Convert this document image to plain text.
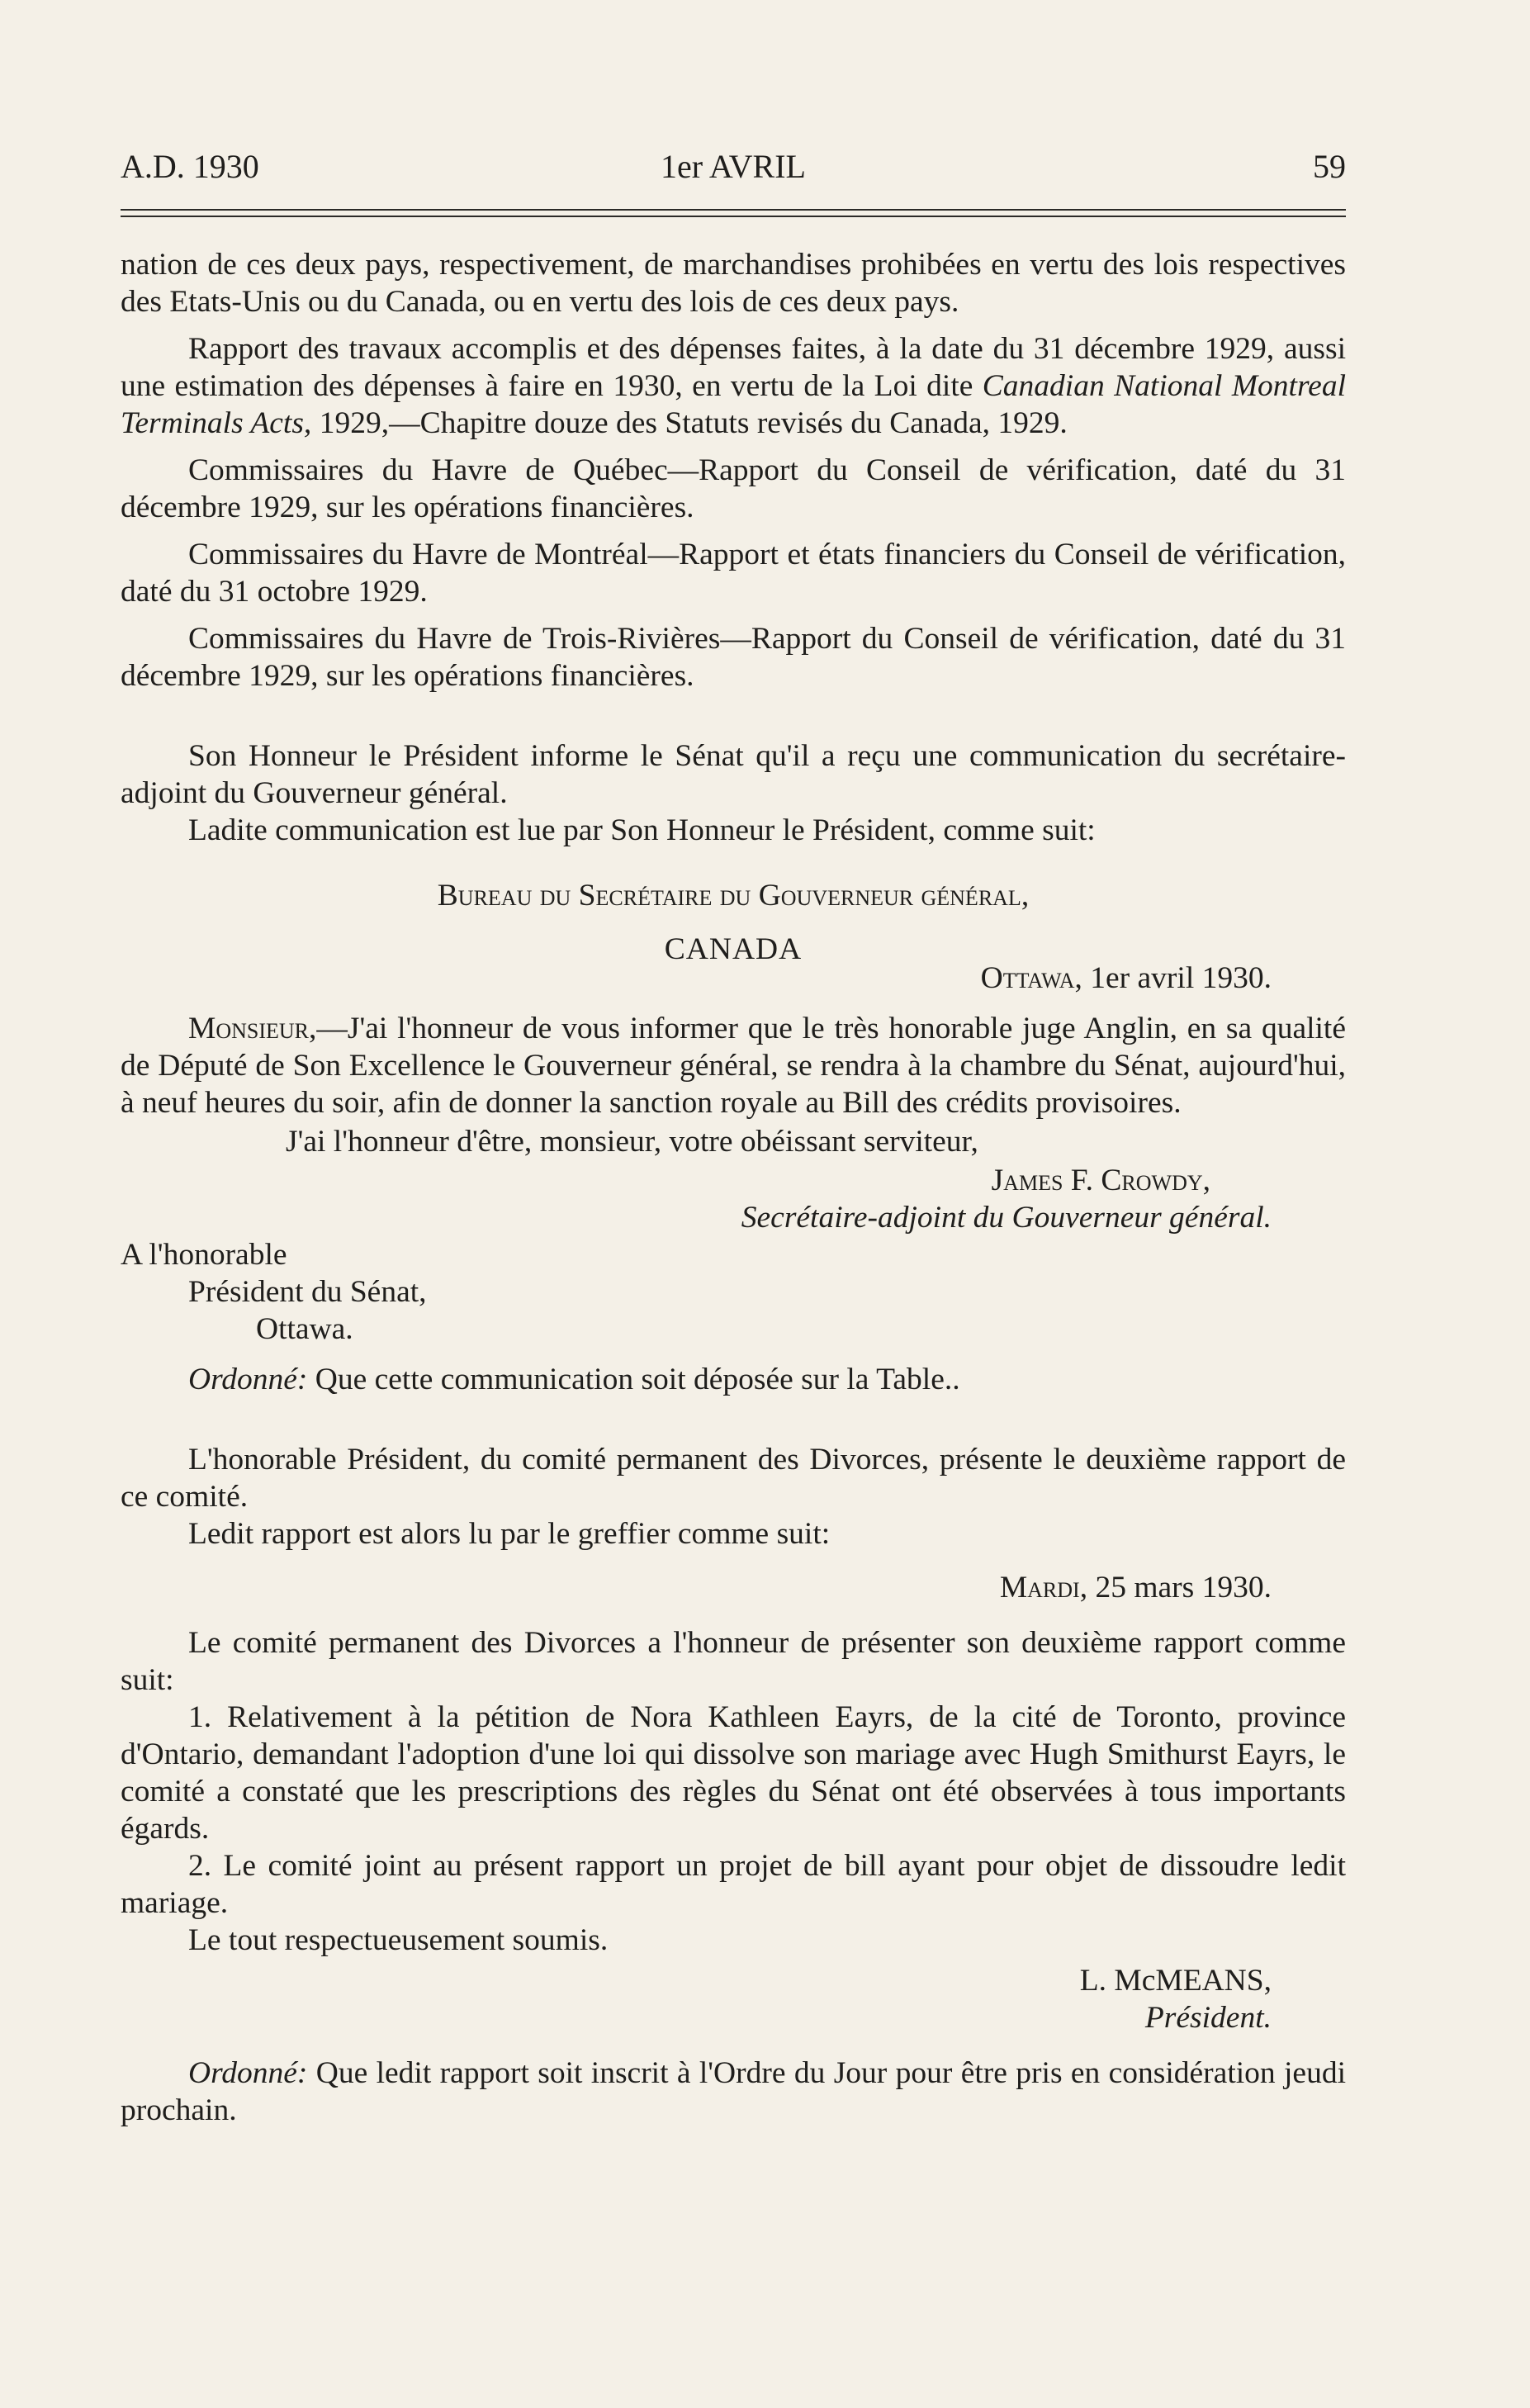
A.D. 1930	1er AVRIL	59

nation de ces deux pays, respectivement, de marchandises prohibées en vertu des lois respectives des Etats-Unis ou du Canada, ou en vertu des lois de ces deux pays.

Rapport des travaux accomplis et des dépenses faites, à la date du 31 décembre 1929, aussi une estimation des dépenses à faire en 1930, en vertu de la Loi dite Canadian National Montreal Terminals Acts, 1929,—Chapitre douze des Statuts revisés du Canada, 1929.

Commissaires du Havre de Québec—Rapport du Conseil de vérification, daté du 31 décembre 1929, sur les opérations financières.

Commissaires du Havre de Montréal—Rapport et états financiers du Conseil de vérification, daté du 31 octobre 1929.

Commissaires du Havre de Trois-Rivières—Rapport du Conseil de vérification, daté du 31 décembre 1929, sur les opérations financières.

Son Honneur le Président informe le Sénat qu'il a reçu une communication du secrétaire-adjoint du Gouverneur général.

Ladite communication est lue par Son Honneur le Président, comme suit:

Bureau du Secrétaire du Gouverneur général,

CANADA

Ottawa, 1er avril 1930.

Monsieur,—J'ai l'honneur de vous informer que le très honorable juge Anglin, en sa qualité de Député de Son Excellence le Gouverneur général, se rendra à la chambre du Sénat, aujourd'hui, à neuf heures du soir, afin de donner la sanction royale au Bill des crédits provisoires.

J'ai l'honneur d'être, monsieur, votre obéissant serviteur,

James F. Crowdy,

Secrétaire-adjoint du Gouverneur général.

A l'honorable

Président du Sénat,

Ottawa.

Ordonné: Que cette communication soit déposée sur la Table..

L'honorable Président, du comité permanent des Divorces, présente le deuxième rapport de ce comité.

Ledit rapport est alors lu par le greffier comme suit:

Mardi, 25 mars 1930.

Le comité permanent des Divorces a l'honneur de présenter son deuxième rapport comme suit:

1. Relativement à la pétition de Nora Kathleen Eayrs, de la cité de Toronto, province d'Ontario, demandant l'adoption d'une loi qui dissolve son mariage avec Hugh Smithurst Eayrs, le comité a constaté que les prescriptions des règles du Sénat ont été observées à tous importants égards.

2. Le comité joint au présent rapport un projet de bill ayant pour objet de dissoudre ledit mariage.

Le tout respectueusement soumis.

L. McMEANS,

Président.

Ordonné: Que ledit rapport soit inscrit à l'Ordre du Jour pour être pris en considération jeudi prochain.
